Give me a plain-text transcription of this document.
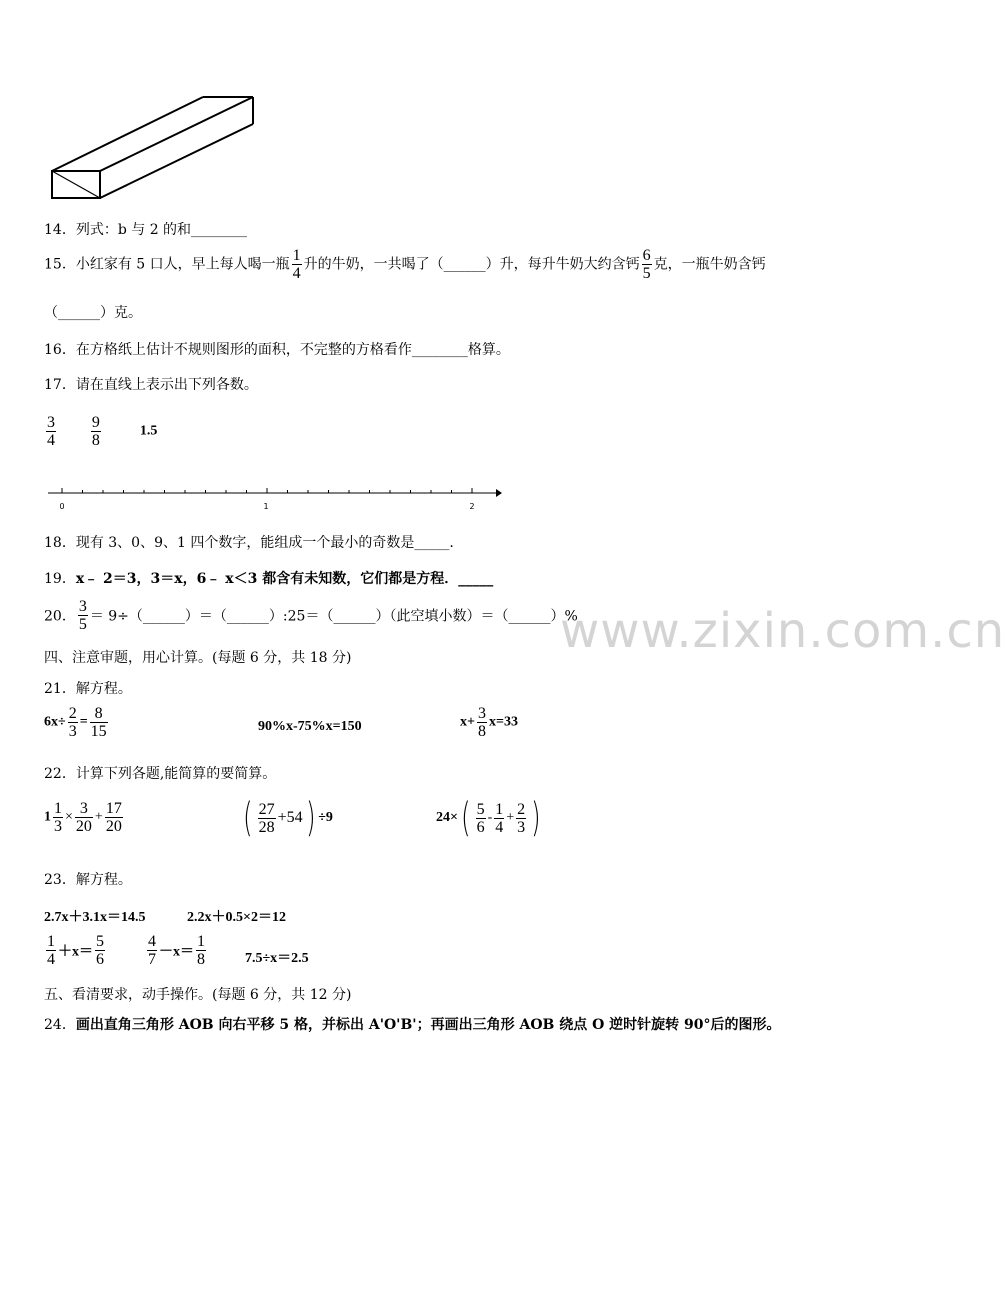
14．列式：b 与 2 的和________
15．小红家有 5 口人，早上每人喝一瓶 $\frac{1}{4}$ 升的牛奶，一共喝了（______）升，每升牛奶大约含钙 $\frac{6}{5}$ 克，一瓶牛奶含钙
（______）克。
16．在方格纸上估计不规则图形的面积，不完整的方格看作________格算。
17．请在直线上表示出下列各数。
$\frac{3}{4}$
$\frac{9}{8}$	1.5
0	1	2
18．现有 3、0、9、1 四个数字，能组成一个最小的奇数是_____.
19．x﹣ 2＝3，3＝x，6﹣ x＜3 都含有未知数，它们都是方程．_____
20． $\frac{3}{5}$ ＝ 9÷（______）＝（______）:25＝（______）（此空填小数）＝（______）%
www.zixin.com.cn
四、注意审题，用心计算。(每题 6 分，共 18 分)
21．解方程。
$6x\div \frac{2}{3} = \frac{8}{15}$	90%x-75%x=150	$x+ \frac{3}{8} x=33$
22．计算下列各题,能简算的要简算。
$1 \frac{1}{3} \times \frac{3}{20} + \frac{17}{20}$	( $\frac{27}{28} +54) \div 9$	$24\times( \frac{5}{6} - \frac{1}{4} + \frac{2}{3}$ )
23．解方程。
2.7x＋3.1x＝14.5	2.2x＋0.5×2＝12
$\frac{1}{4} +x= \frac{5}{6}$	$\frac{4}{7} -x= \frac{1}{8}$	7.5÷x＝2.5
五、看清要求，动手操作。(每题 6 分，共 12 分)
24．画出直角三角形 AOB 向右平移 5 格，并标出 A'O'B'；再画出三角形 AOB 绕点 O 逆时针旋转 90°后的图形。
